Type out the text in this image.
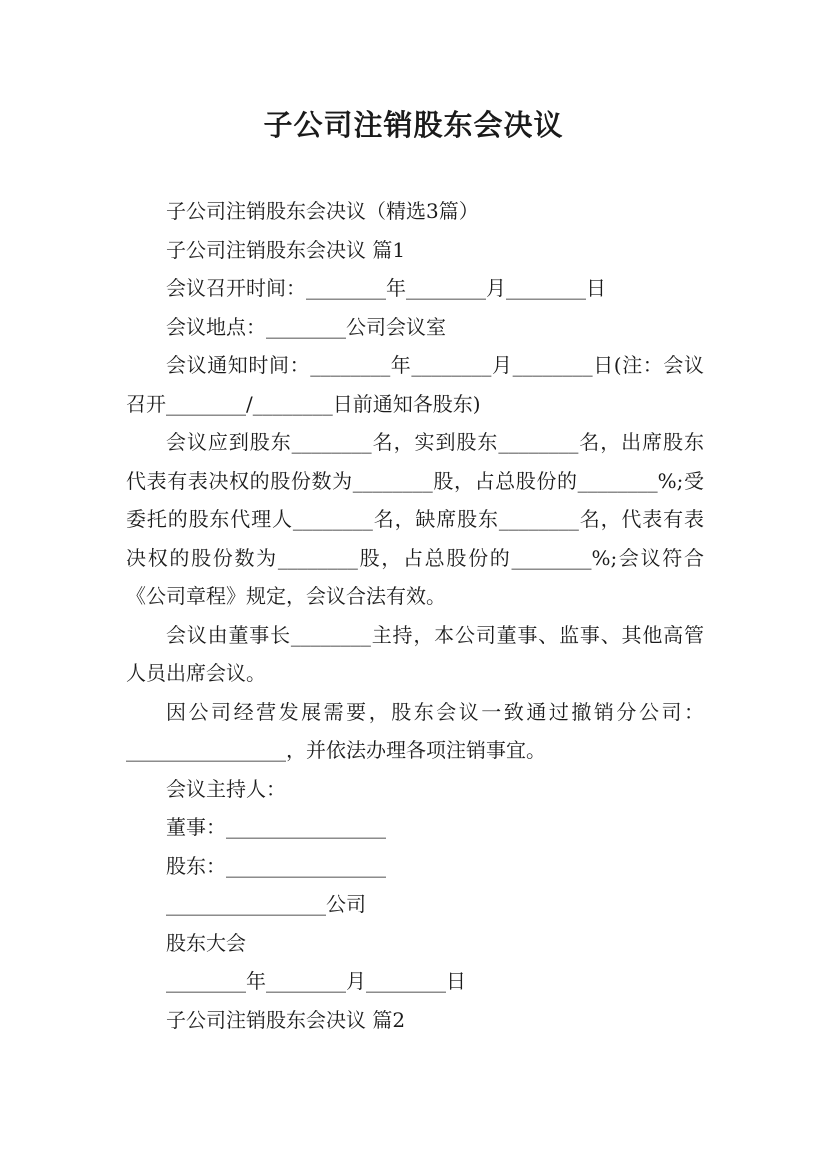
子公司注销股东会决议

子公司注销股东会决议（精选3篇）

子公司注销股东会决议 篇1

会议召开时间：________年________月________日

会议地点：________公司会议室

会议通知时间：________年________月________日(注：会议召开________/________日前通知各股东)

会议应到股东________名，实到股东________名，出席股东代表有表决权的股份数为________股，占总股份的________%;受委托的股东代理人________名，缺席股东________名，代表有表决权的股份数为________股，占总股份的________%;会议符合《公司章程》规定，会议合法有效。

会议由董事长________主持，本公司董事、监事、其他高管人员出席会议。

因公司经营发展需要，股东会议一致通过撤销分公司：________________，并依法办理各项注销事宜。

会议主持人：

董事：________________

股东：________________

________________公司

股东大会

________年________月________日

子公司注销股东会决议 篇2
